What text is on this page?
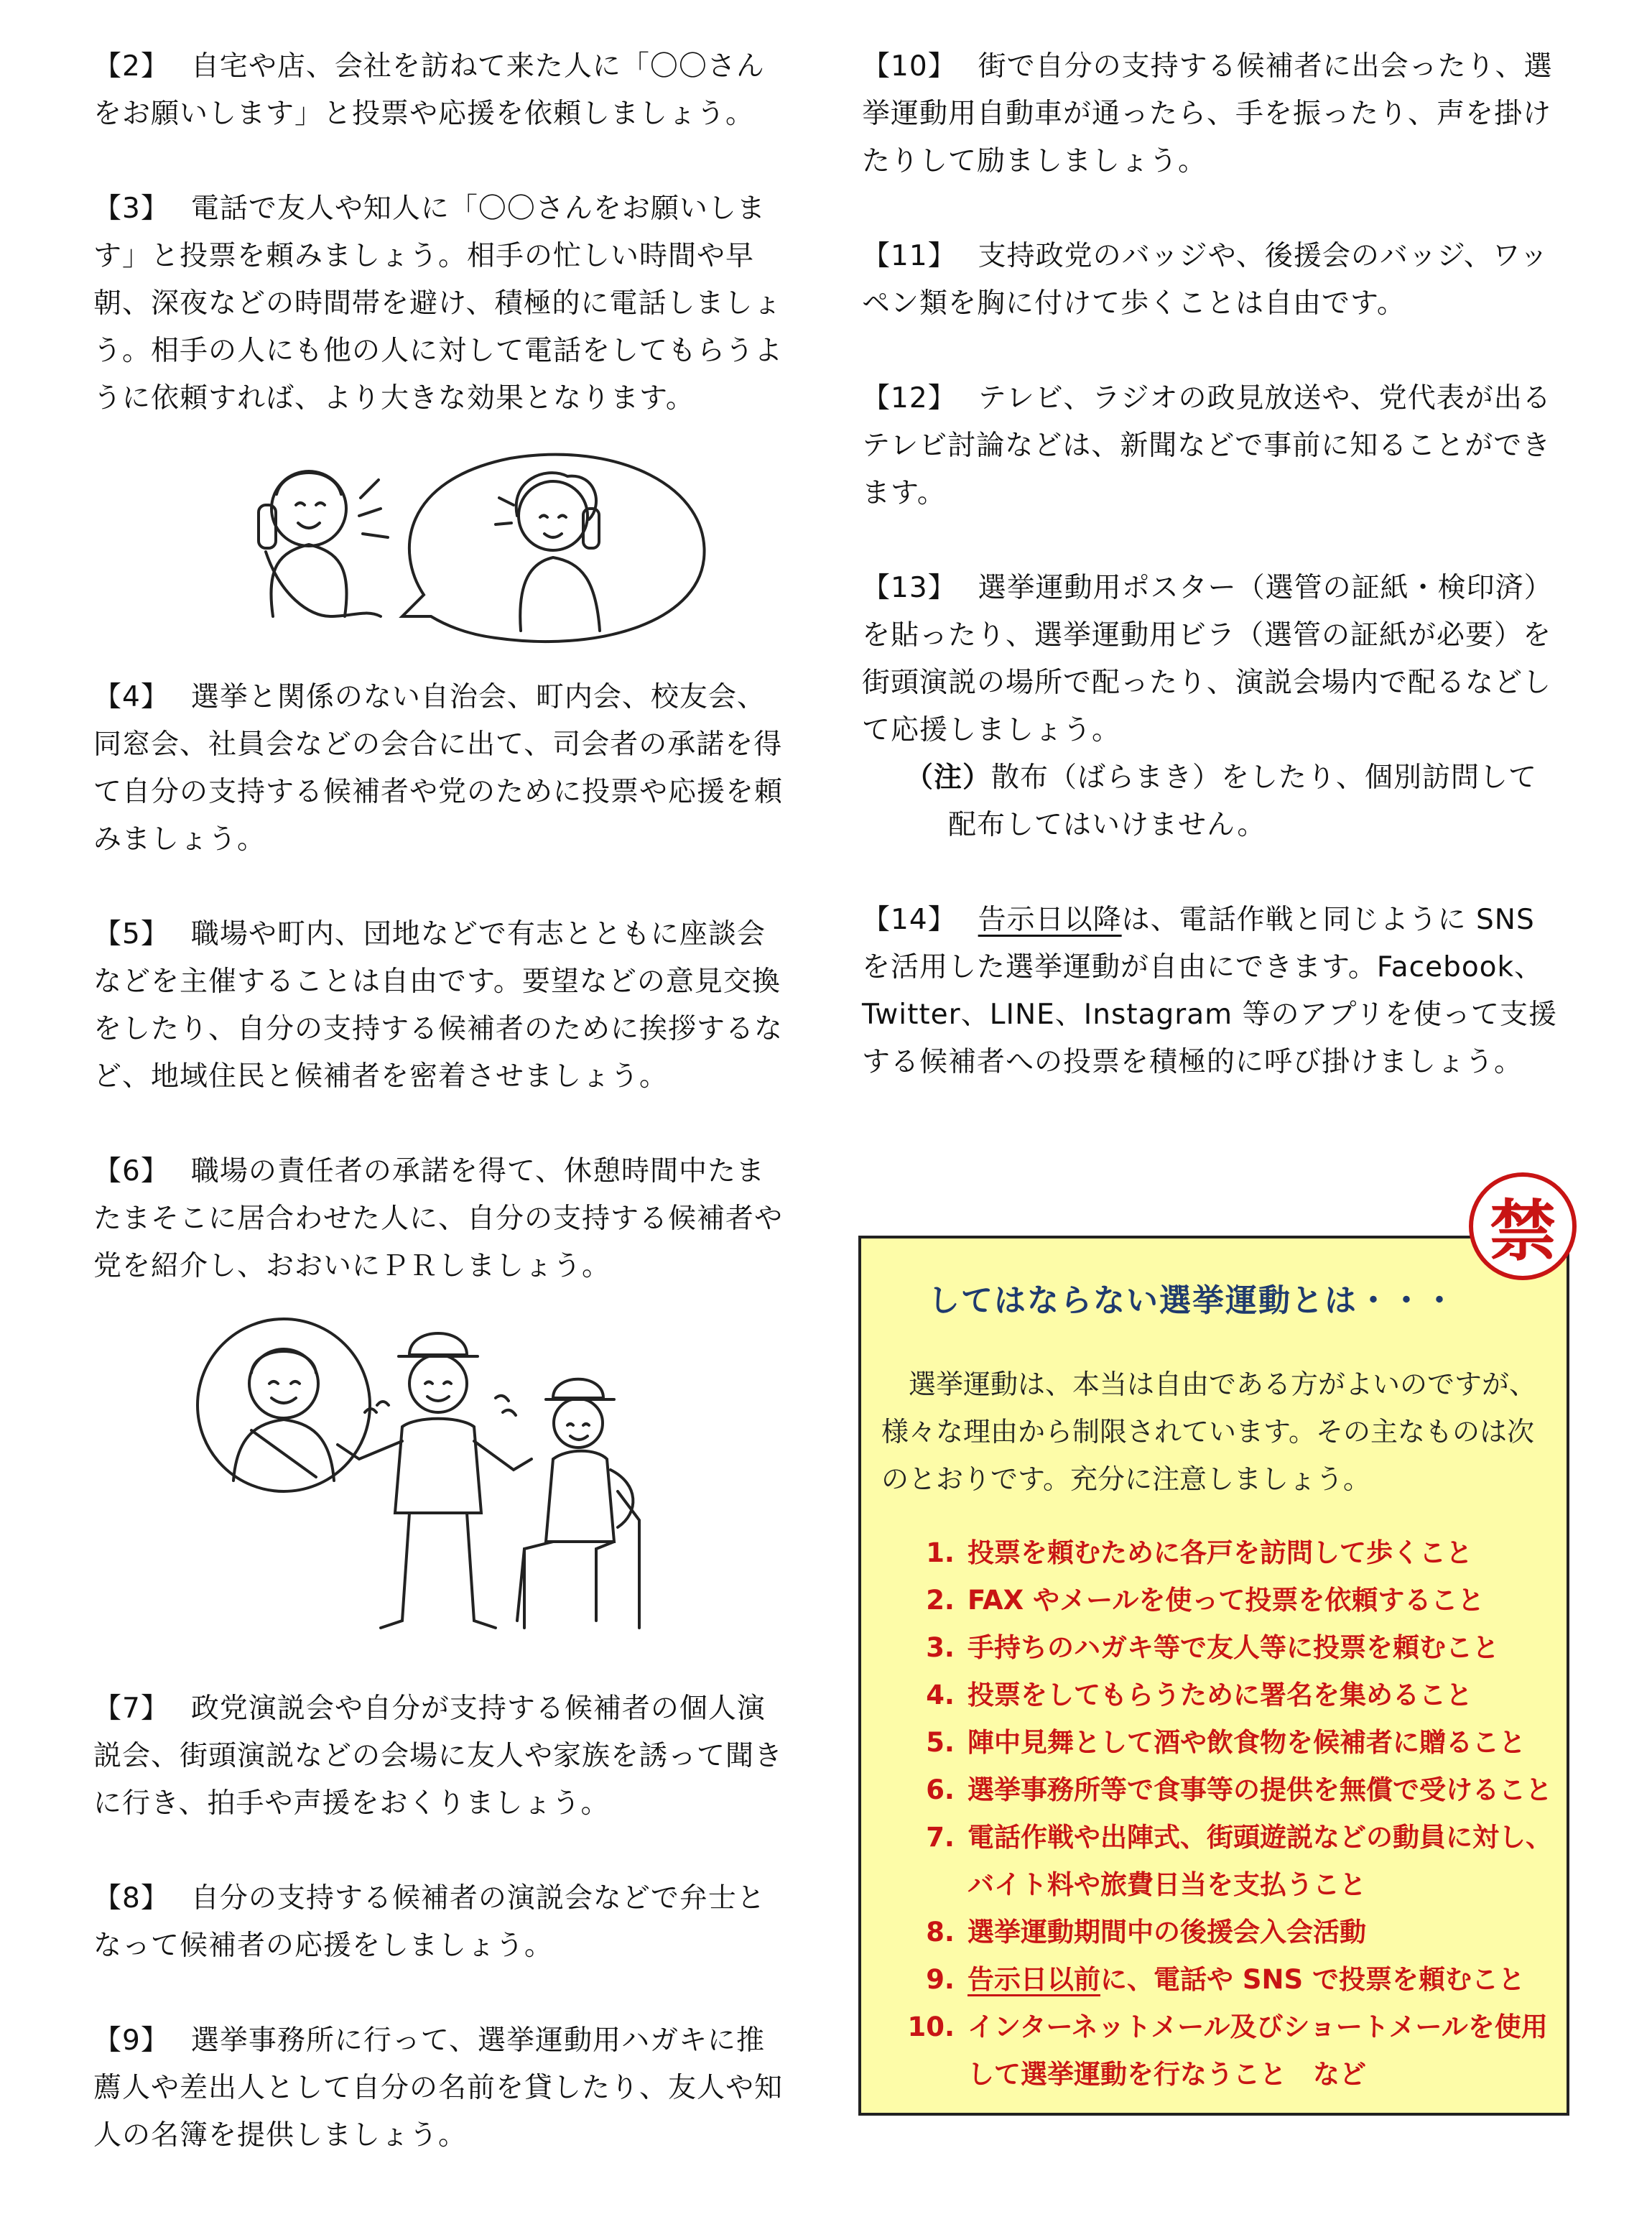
【2】 自宅や店、会社を訪ねて来た人に「〇〇さんをお願いします」と投票や応援を依頼しましょう。

【3】 電話で友人や知人に「〇〇さんをお願いします」と投票を頼みましょう。相手の忙しい時間や早朝、深夜などの時間帯を避け、積極的に電話しましょう。相手の人にも他の人に対して電話をしてもらうように依頼すれば、より大きな効果となります。

【4】 選挙と関係のない自治会、町内会、校友会、同窓会、社員会などの会合に出て、司会者の承諾を得て自分の支持する候補者や党のために投票や応援を頼みましょう。

【5】 職場や町内、団地などで有志とともに座談会などを主催することは自由です。要望などの意見交換をしたり、自分の支持する候補者のために挨拶するなど、地域住民と候補者を密着させましょう。

【6】 職場の責任者の承諾を得て、休憩時間中たまたまそこに居合わせた人に、自分の支持する候補者や党を紹介し、おおいにＰＲしましょう。

【7】 政党演説会や自分が支持する候補者の個人演説会、街頭演説などの会場に友人や家族を誘って聞きに行き、拍手や声援をおくりましょう。

【8】 自分の支持する候補者の演説会などで弁士となって候補者の応援をしましょう。

【9】 選挙事務所に行って、選挙運動用ハガキに推薦人や差出人として自分の名前を貸したり、友人や知人の名簿を提供しましょう。

【10】 街で自分の支持する候補者に出会ったり、選挙運動用自動車が通ったら、手を振ったり、声を掛けたりして励ましましょう。

【11】 支持政党のバッジや、後援会のバッジ、ワッペン類を胸に付けて歩くことは自由です。

【12】 テレビ、ラジオの政見放送や、党代表が出るテレビ討論などは、新聞などで事前に知ることができます。

【13】 選挙運動用ポスター（選管の証紙・検印済）を貼ったり、選挙運動用ビラ（選管の証紙が必要）を街頭演説の場所で配ったり、演説会場内で配るなどして応援しましょう。

（注）散布（ばらまき）をしたり、個別訪問して
配布してはいけません。

【14】 告示日以降は、電話作戦と同じように SNS を活用した選挙運動が自由にできます。Facebook、Twitter、LINE、Instagram 等のアプリを使って支援する候補者への投票を積極的に呼び掛けましょう。

してはならない選挙運動とは・・・
　選挙運動は、本当は自由である方がよいのですが、様々な理由から制限されています。その主なものは次のとおりです。充分に注意しましょう。
1. 投票を頼むために各戸を訪問して歩くこと
2. FAX やメールを使って投票を依頼すること
3. 手持ちのハガキ等で友人等に投票を頼むこと
4. 投票をしてもらうために署名を集めること
5. 陣中見舞として酒や飲食物を候補者に贈ること
6. 選挙事務所等で食事等の提供を無償で受けること
7. 電話作戦や出陣式、街頭遊説などの動員に対し、バイト料や旅費日当を支払うこと
8. 選挙運動期間中の後援会入会活動
9. 告示日以前に、電話や SNS で投票を頼むこと
10. インターネットメール及びショートメールを使用して選挙運動を行なうこと　など
禁
